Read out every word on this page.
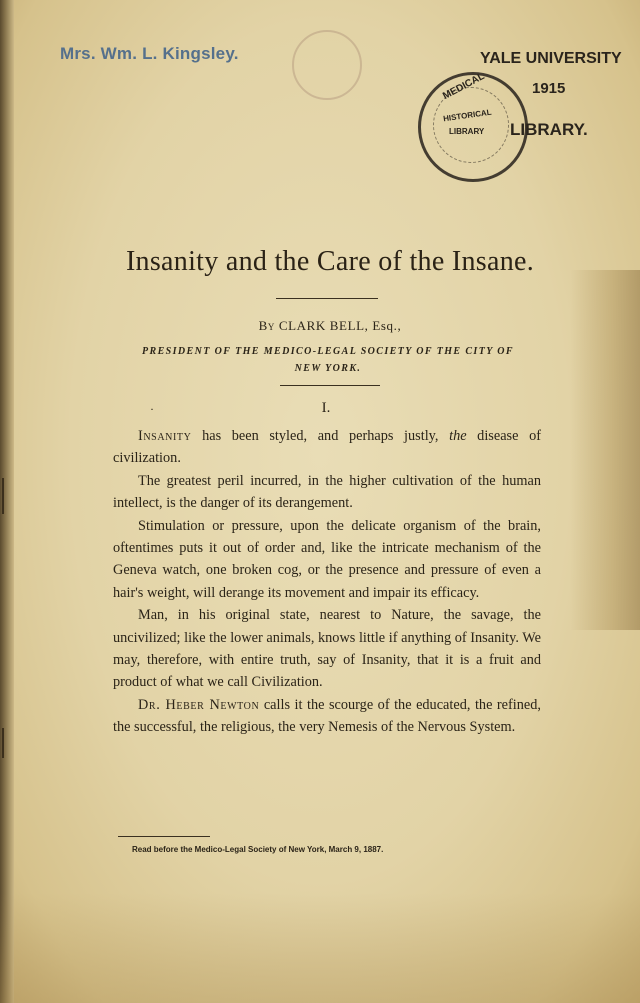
Mrs. Wm. L. Kingsley.
MEDICAL
HISTORICAL
LIBRARY
YALE UNIVERSITY
1915
LIBRARY.
Insanity and the Care of the Insane.
By CLARK BELL, Esq.,
PRESIDENT OF THE MEDICO-LEGAL SOCIETY OF THE CITY OF
NEW YORK.
·	I.

Insanity has been styled, and perhaps justly, the disease of civilization.

The greatest peril incurred, in the higher cultivation of the human intellect, is the danger of its derangement.

Stimulation or pressure, upon the delicate organism of the brain, oftentimes puts it out of order and, like the intricate mechanism of the Geneva watch, one broken cog, or the presence and pressure of even a hair's weight, will derange its movement and impair its efficacy.

Man, in his original state, nearest to Nature, the savage, the uncivilized; like the lower animals, knows little if anything of Insanity. We may, therefore, with entire truth, say of Insanity, that it is a fruit and product of what we call Civilization.

Dr. Heber Newton calls it the scourge of the educated, the refined, the successful, the religious, the very Nemesis of the Nervous System.

Read before the Medico-Legal Society of New York, March 9, 1887.
